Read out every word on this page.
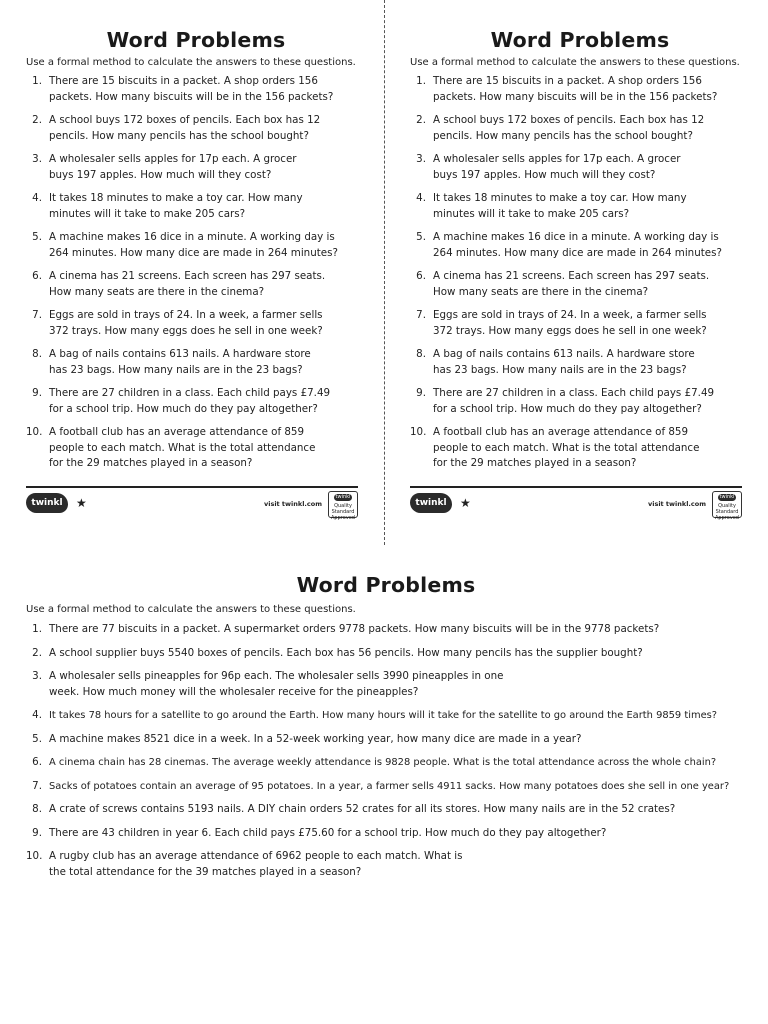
Word Problems
Use a formal method to calculate the answers to these questions.
1. There are 15 biscuits in a packet. A shop orders 156
packets. How many biscuits will be in the 156 packets?
2. A school buys 172 boxes of pencils. Each box has 12
pencils. How many pencils has the school bought?
3. A wholesaler sells apples for 17p each. A grocer
buys 197 apples. How much will they cost?
4. It takes 18 minutes to make a toy car. How many
minutes will it take to make 205 cars?
5. A machine makes 16 dice in a minute. A working day is
264 minutes. How many dice are made in 264 minutes?
6. A cinema has 21 screens. Each screen has 297 seats.
How many seats are there in the cinema?
7. Eggs are sold in trays of 24. In a week, a farmer sells
372 trays. How many eggs does he sell in one week?
8. A bag of nails contains 613 nails. A hardware store
has 23 bags. How many nails are in the 23 bags?
9. There are 27 children in a class. Each child pays £7.49
for a school trip. How much do they pay altogether?
10. A football club has an average attendance of 859
people to each match. What is the total attendance
for the 29 matches played in a season?
twinkl	★	visit twinkl.com
twinkl
Quality Standard Approved
Word Problems
Use a formal method to calculate the answers to these questions.
1. There are 15 biscuits in a packet. A shop orders 156
packets. How many biscuits will be in the 156 packets?
2. A school buys 172 boxes of pencils. Each box has 12
pencils. How many pencils has the school bought?
3. A wholesaler sells apples for 17p each. A grocer
buys 197 apples. How much will they cost?
4. It takes 18 minutes to make a toy car. How many
minutes will it take to make 205 cars?
5. A machine makes 16 dice in a minute. A working day is
264 minutes. How many dice are made in 264 minutes?
6. A cinema has 21 screens. Each screen has 297 seats.
How many seats are there in the cinema?
7. Eggs are sold in trays of 24. In a week, a farmer sells
372 trays. How many eggs does he sell in one week?
8. A bag of nails contains 613 nails. A hardware store
has 23 bags. How many nails are in the 23 bags?
9. There are 27 children in a class. Each child pays £7.49
for a school trip. How much do they pay altogether?
10. A football club has an average attendance of 859
people to each match. What is the total attendance
for the 29 matches played in a season?
twinkl	★	visit twinkl.com
twinkl
Quality Standard Approved
Word Problems
Use a formal method to calculate the answers to these questions.
1. There are 77 biscuits in a packet. A supermarket orders 9778 packets. How many biscuits will be in the 9778 packets?
2. A school supplier buys 5540 boxes of pencils. Each box has 56 pencils. How many pencils has the supplier bought?
3. A wholesaler sells pineapples for 96p each. The wholesaler sells 3990 pineapples in one
week. How much money will the wholesaler receive for the pineapples?
4. It takes 78 hours for a satellite to go around the Earth. How many hours will it take for the satellite to go around the Earth 9859 times?
5. A machine makes 8521 dice in a week. In a 52-week working year, how many dice are made in a year?
6. A cinema chain has 28 cinemas. The average weekly attendance is 9828 people. What is the total attendance across the whole chain?
7. Sacks of potatoes contain an average of 95 potatoes. In a year, a farmer sells 4911 sacks. How many potatoes does she sell in one year?
8. A crate of screws contains 5193 nails. A DIY chain orders 52 crates for all its stores. How many nails are in the 52 crates?
9. There are 43 children in year 6. Each child pays £75.60 for a school trip. How much do they pay altogether?
10. A rugby club has an average attendance of 6962 people to each match. What is
the total attendance for the 39 matches played in a season?
